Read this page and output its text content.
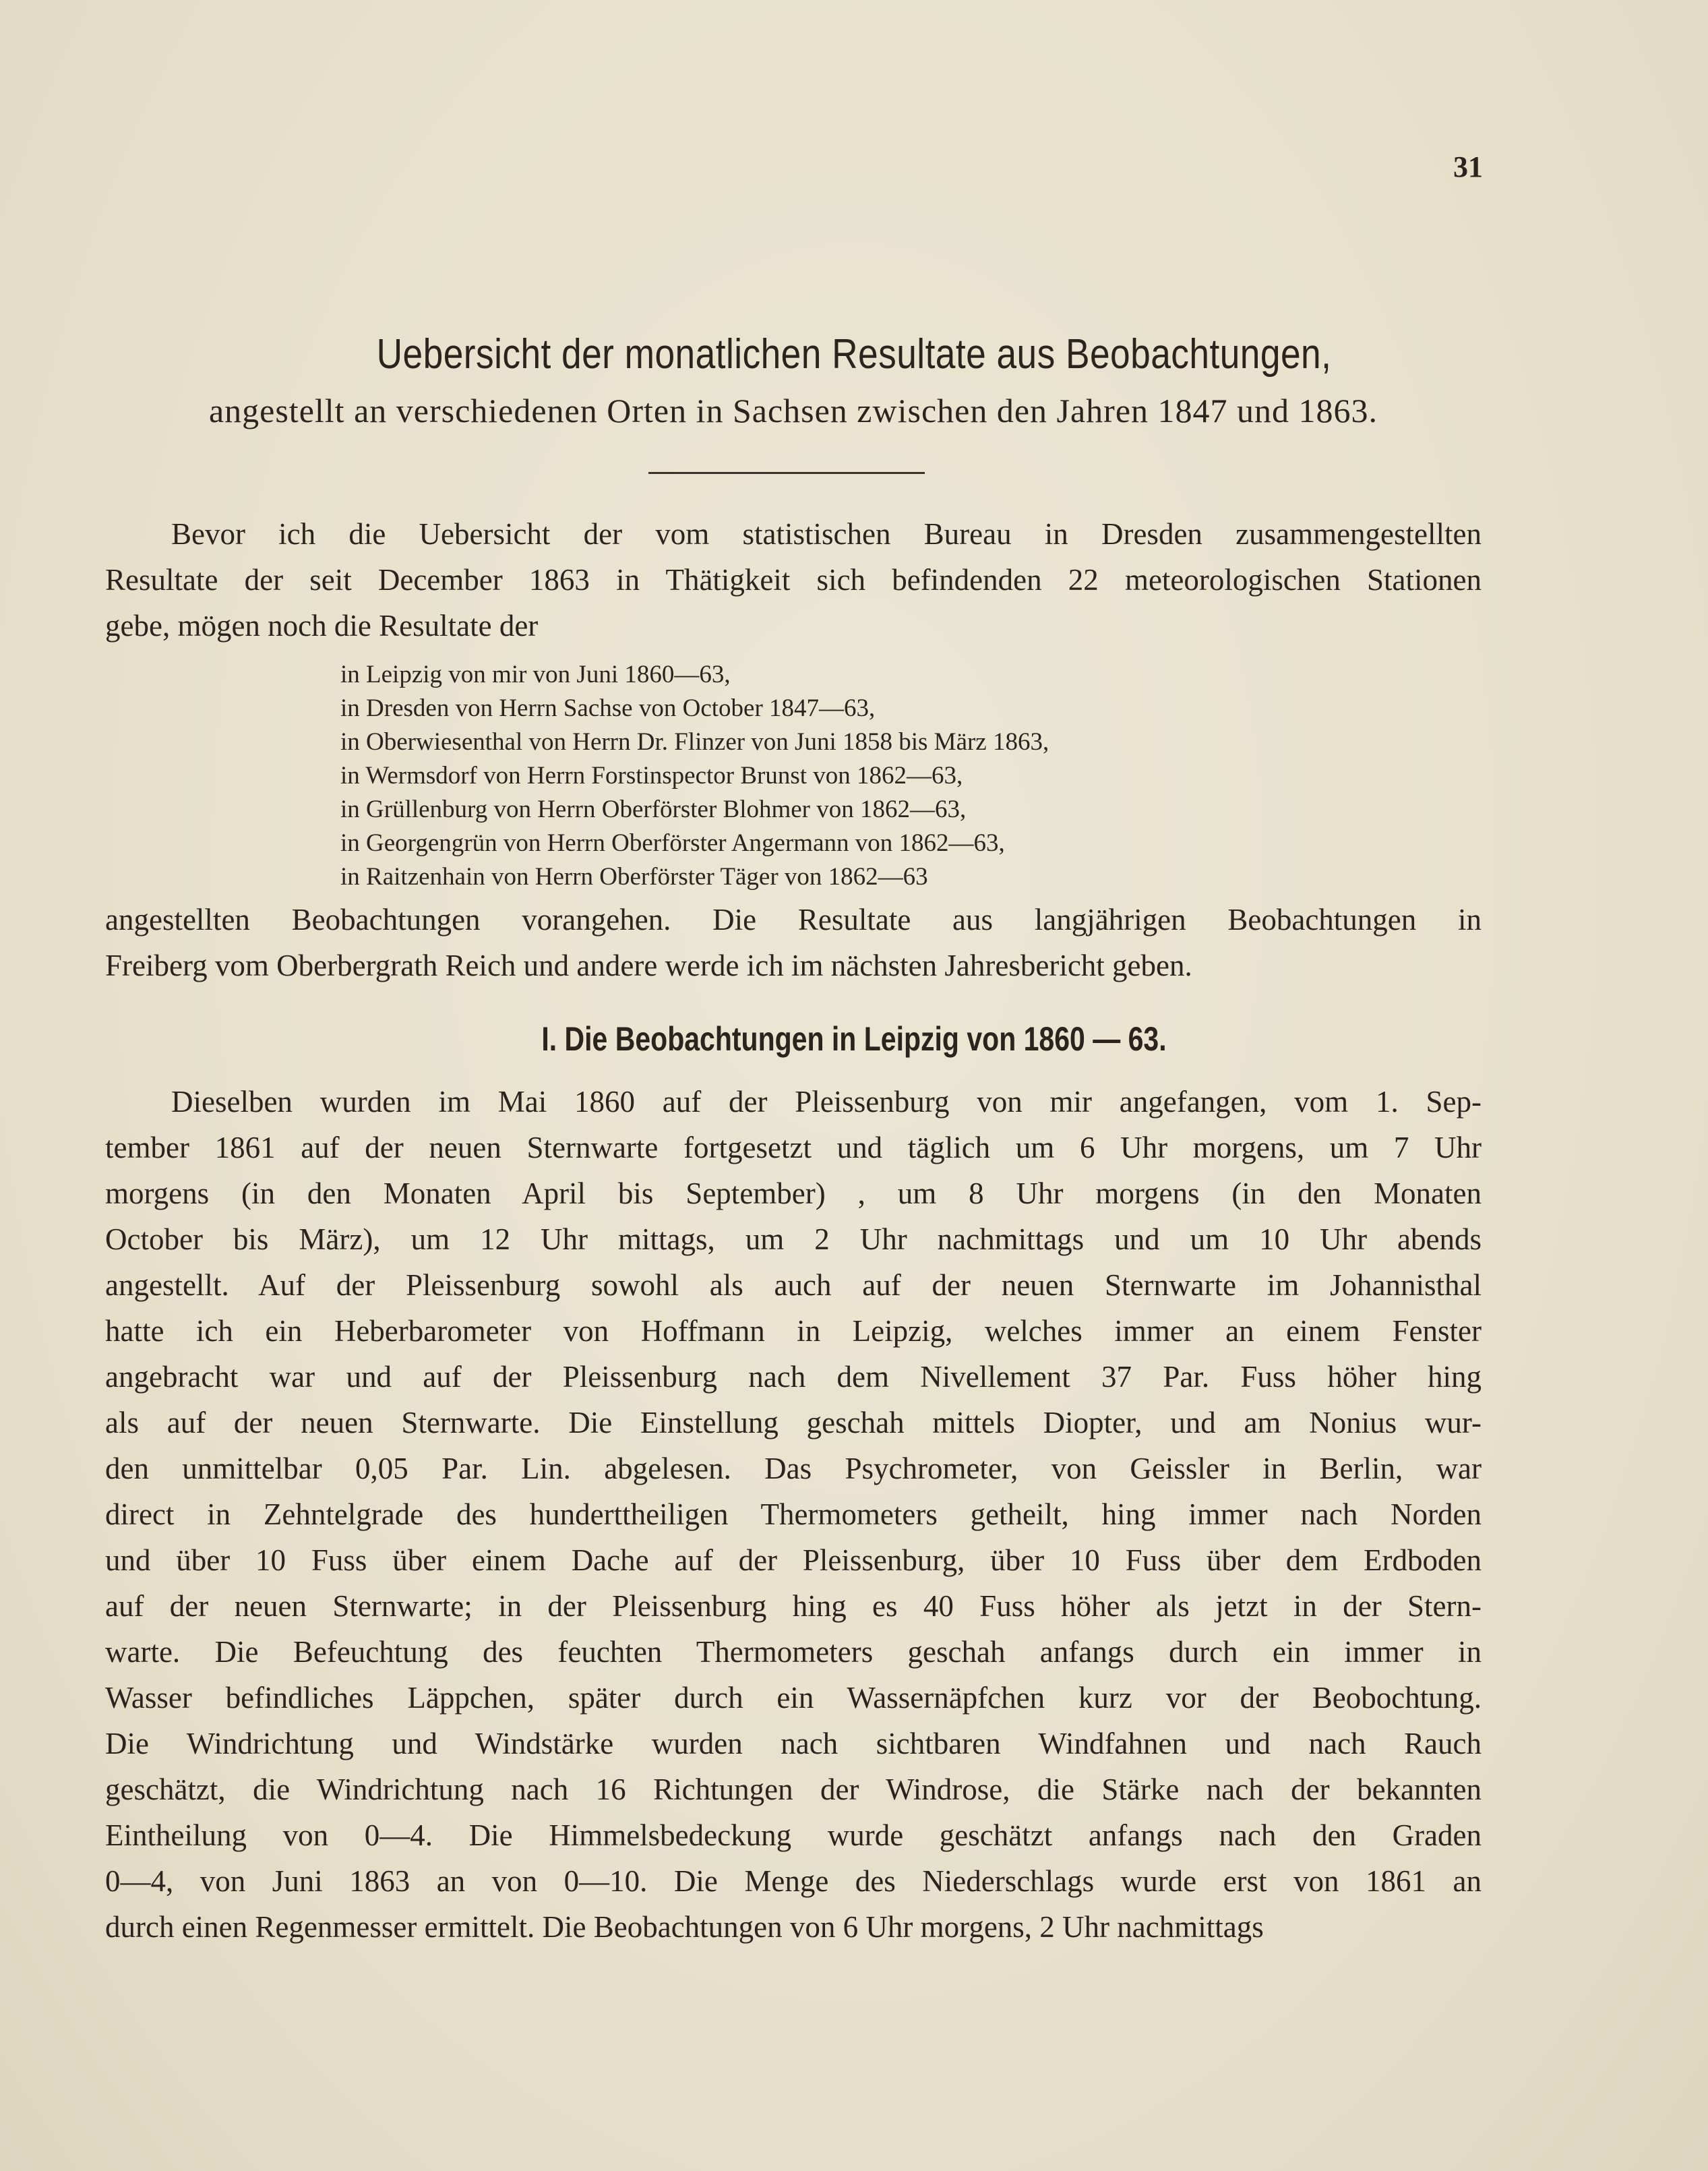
31
Uebersicht der monatlichen Resultate aus Beobachtungen,
angestellt an verschiedenen Orten in Sachsen zwischen den Jahren 1847 und 1863.
Bevor ich die Uebersicht der vom statistischen Bureau in Dresden zusammengestellten
Resultate der seit December 1863 in Thätigkeit sich befindenden 22 meteorologischen Stationen
gebe, mögen noch die Resultate der
in Leipzig von mir von Juni 1860—63,
in Dresden von Herrn Sachse von October 1847—63,
in Oberwiesenthal von Herrn Dr. Flinzer von Juni 1858 bis März 1863,
in Wermsdorf von Herrn Forstinspector Brunst von 1862—63,
in Grüllenburg von Herrn Oberförster Blohmer von 1862—63,
in Georgengrün von Herrn Oberförster Angermann von 1862—63,
in Raitzenhain von Herrn Oberförster Täger von 1862—63
angestellten Beobachtungen vorangehen. Die Resultate aus langjährigen Beobachtungen in
Freiberg vom Oberbergrath Reich und andere werde ich im nächsten Jahresbericht geben.
I. Die Beobachtungen in Leipzig von 1860 — 63.
Dieselben wurden im Mai 1860 auf der Pleissenburg von mir angefangen, vom 1. Sep-
tember 1861 auf der neuen Sternwarte fortgesetzt und täglich um 6 Uhr morgens, um 7 Uhr
morgens (in den Monaten April bis September) , um 8 Uhr morgens (in den Monaten
October bis März), um 12 Uhr mittags, um 2 Uhr nachmittags und um 10 Uhr abends
angestellt. Auf der Pleissenburg sowohl als auch auf der neuen Sternwarte im Johannisthal
hatte ich ein Heberbarometer von Hoffmann in Leipzig, welches immer an einem Fenster
angebracht war und auf der Pleissenburg nach dem Nivellement 37 Par. Fuss höher hing
als auf der neuen Sternwarte. Die Einstellung geschah mittels Diopter, und am Nonius wur-
den unmittelbar 0,05 Par. Lin. abgelesen. Das Psychrometer, von Geissler in Berlin, war
direct in Zehntelgrade des hunderttheiligen Thermometers getheilt, hing immer nach Norden
und über 10 Fuss über einem Dache auf der Pleissenburg, über 10 Fuss über dem Erdboden
auf der neuen Sternwarte; in der Pleissenburg hing es 40 Fuss höher als jetzt in der Stern-
warte. Die Befeuchtung des feuchten Thermometers geschah anfangs durch ein immer in
Wasser befindliches Läppchen, später durch ein Wassernäpfchen kurz vor der Beobochtung.
Die Windrichtung und Windstärke wurden nach sichtbaren Windfahnen und nach Rauch
geschätzt, die Windrichtung nach 16 Richtungen der Windrose, die Stärke nach der bekannten
Eintheilung von 0—4. Die Himmelsbedeckung wurde geschätzt anfangs nach den Graden
0—4, von Juni 1863 an von 0—10. Die Menge des Niederschlags wurde erst von 1861 an
durch einen Regenmesser ermittelt. Die Beobachtungen von 6 Uhr morgens, 2 Uhr nachmittags
